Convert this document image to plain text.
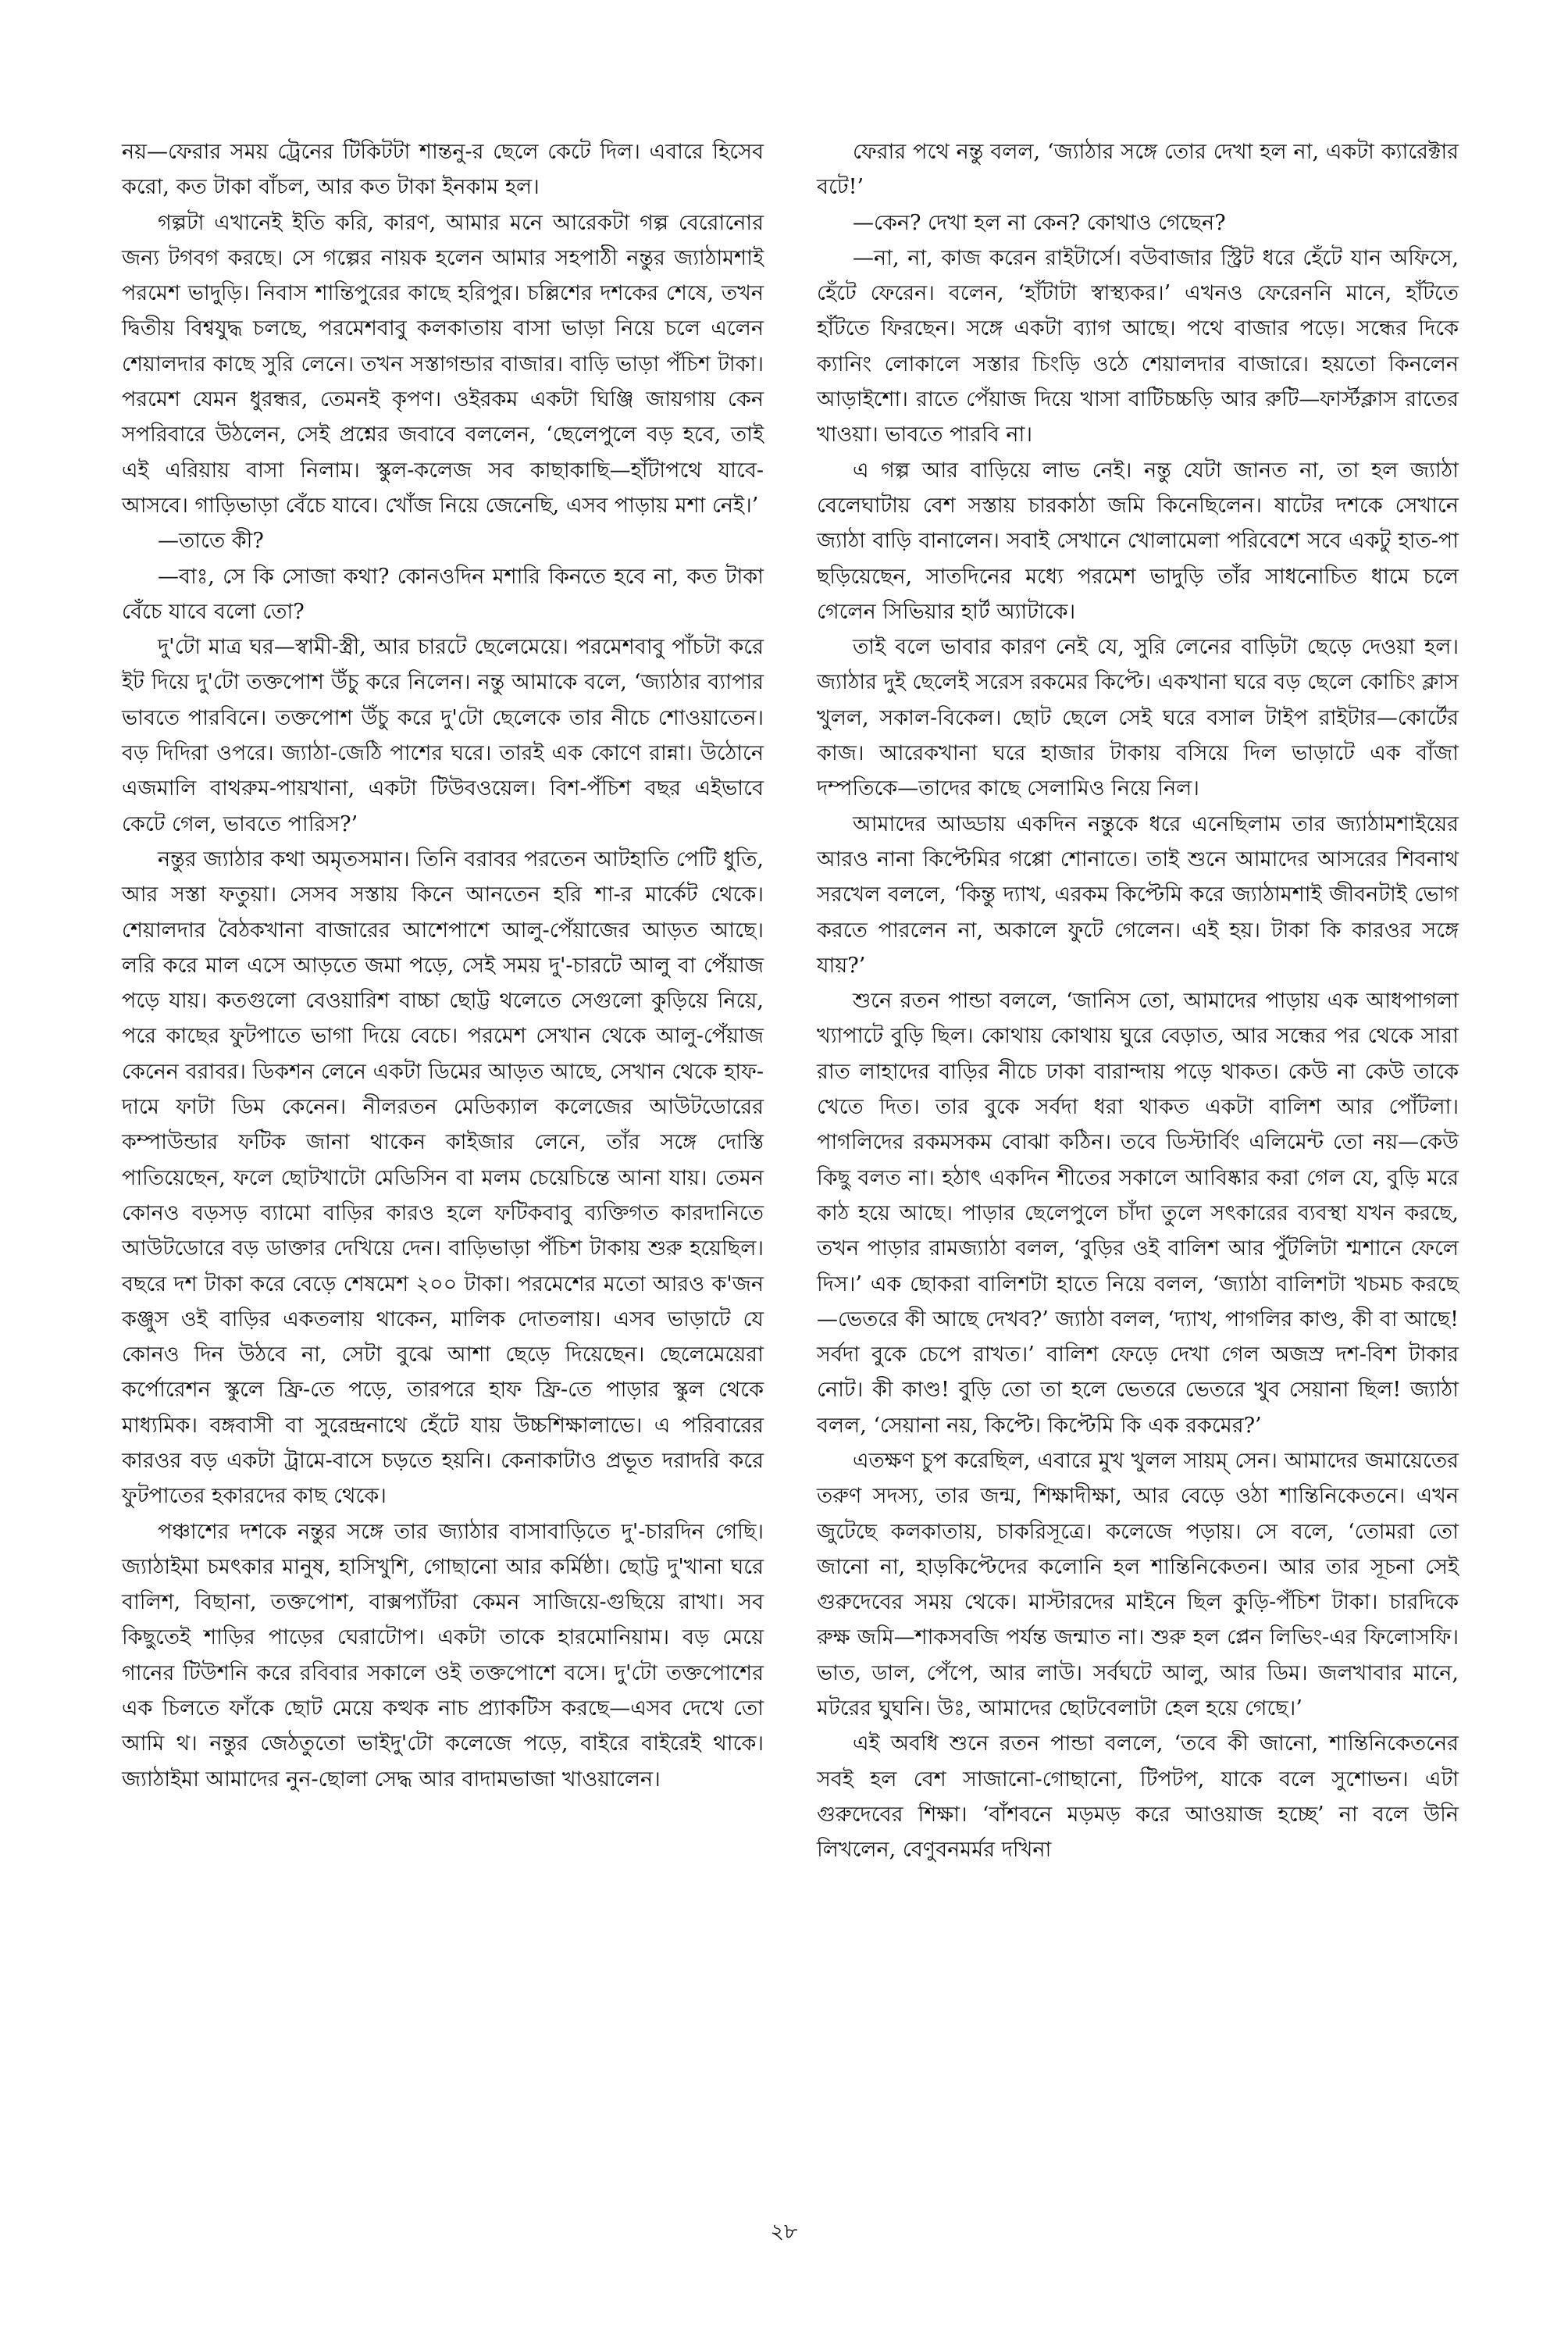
নয়—ফেরার সময় ট্রেনের টিকিটটা শান্তনু-র ছেলে কেটে দিল। এবারে হিসেব করো, কত টাকা বাঁচল, আর কত টাকা ইনকাম হল।

গল্পটা এখানেই ইতি করি, কারণ, আমার মনে আরেকটা গল্প বেরোনোর জন্য টগবগ করছে। সে গল্পের নায়ক হলেন আমার সহপাঠী নন্তুর জ্যাঠামশাই পরমেশ ভাদুড়ি। নিবাস শান্তিপুরের কাছে হরিপুর। চল্লিশের দশকের শেষে, তখন দ্বিতীয় বিশ্বযুদ্ধ চলছে, পরমেশবাবু কলকাতায় বাসা ভাড়া নিয়ে চলে এলেন শেয়ালদার কাছে সুরি লেনে। তখন সস্তাগন্ডার বাজার। বাড়ি ভাড়া পঁচিশ টাকা। পরমেশ যেমন ধুরন্ধর, তেমনই কৃপণ। ওইরকম একটা ঘিঞ্জি জায়গায় কেন সপরিবারে উঠলেন, সেই প্রশ্নের জবাবে বললেন, ‘ছেলেপুলে বড় হবে, তাই এই এরিয়ায় বাসা নিলাম। স্কুল-কলেজ সব কাছাকাছি—হাঁটাপথে যাবে- আসবে। গাড়িভাড়া বেঁচে যাবে। খোঁজ নিয়ে জেনেছি, এসব পাড়ায় মশা নেই।’

—তাতে কী?

—বাঃ, সে কি সোজা কথা? কোনওদিন মশারি কিনতে হবে না, কত টাকা বেঁচে যাবে বলো তো?

দু'টো মাত্র ঘর—স্বামী-স্ত্রী, আর চারটে ছেলেমেয়ে। পরমেশবাবু পাঁচটা করে ইট দিয়ে দু'টো তক্তপোশ উঁচু করে নিলেন। নন্তু আমাকে বলে, ‘জ্যাঠার ব্যাপার ভাবতে পারবিনে। তক্তপোশ উঁচু করে দু'টো ছেলেকে তার নীচে শোওয়াতেন। বড় দিদিরা ওপরে। জ্যাঠা-জেঠি পাশের ঘরে। তারই এক কোণে রান্না। উঠোনে এজমালি বাথরুম-পায়খানা, একটা টিউবওয়েল। বিশ-পঁচিশ বছর এইভাবে কেটে গেল, ভাবতে পারিস?’

নন্তুর জ্যাঠার কথা অমৃতসমান। তিনি বরাবর পরতেন আটহাতি পেটি ধুতি, আর সস্তা ফতুয়া। সেসব সস্তায় কিনে আনতেন হরি শা-র মার্কেট থেকে। শেয়ালদার বৈঠকখানা বাজারের আশেপাশে আলু-পেঁয়াজের আড়ত আছে। লরি করে মাল এসে আড়তে জমা পড়ে, সেই সময় দু'-চারটে আলু বা পেঁয়াজ পড়ে যায়। কতগুলো বেওয়ারিশ বাচ্চা ছোট্ট থলেতে সেগুলো কুড়িয়ে নিয়ে, পরে কাছের ফুটপাতে ভাগা দিয়ে বেচে। পরমেশ সেখান থেকে আলু-পেঁয়াজ কেনেন বরাবর। ডিকশন লেনে একটা ডিমের আড়ত আছে, সেখান থেকে হাফ-দামে ফাটা ডিম কেনেন। নীলরতন মেডিক্যাল কলেজের আউটডোরের কম্পাউন্ডার ফটিক জানা থাকেন কাইজার লেনে, তাঁর সঙ্গে দোস্তি পাতিয়েছেন, ফলে ছোটখাটো মেডিসিন বা মলম চেয়েচিন্তে আনা যায়। তেমন কোনও বড়সড় ব্যামো বাড়ির কারও হলে ফটিকবাবু ব্যক্তিগত কারদানিতে আউটডোরে বড় ডাক্তার দেখিয়ে দেন। বাড়িভাড়া পঁচিশ টাকায় শুরু হয়েছিল। বছরে দশ টাকা করে বেড়ে শেষমেশ ২০০ টাকা। পরমেশের মতো আরও ক'জন কঞ্জুস ওই বাড়ির একতলায় থাকেন, মালিক দোতলায়। এসব ভাড়াটে যে কোনও দিন উঠবে না, সেটা বুঝে আশা ছেড়ে দিয়েছেন। ছেলেমেয়েরা কর্পোরেশন স্কুলে ফ্রি-তে পড়ে, তারপরে হাফ ফ্রি-তে পাড়ার স্কুল থেকে মাধ্যমিক। বঙ্গবাসী বা সুরেন্দ্রনাথে হেঁটে যায় উচ্চশিক্ষালাভে। এ পরিবারের কারওর বড় একটা ট্রামে-বাসে চড়তে হয়নি। কেনাকাটাও প্রভূত দরাদরি করে ফুটপাতের হকারদের কাছ থেকে।

পঞ্চাশের দশকে নন্তুর সঙ্গে তার জ্যাঠার বাসাবাড়িতে দু'-চারদিন গেছি। জ্যাঠাইমা চমৎকার মানুষ, হাসিখুশি, গোছানো আর কর্মিষ্ঠা। ছোট্ট দু'খানা ঘরে বালিশ, বিছানা, তক্তপোশ, বাক্সপ্যাঁটরা কেমন সাজিয়ে-গুছিয়ে রাখা। সব কিছুতেই শাড়ির পাড়ের ঘেরাটোপ। একটা তাকে হারমোনিয়াম। বড় মেয়ে গানের টিউশনি করে রবিবার সকালে ওই তক্তপোশে বসে। দু'টো তক্তপোশের এক চিলতে ফাঁকে ছোট মেয়ে কত্থক নাচ প্র্যাকটিস করছে—এসব দেখে তো আমি থ। নন্তুর জেঠতুতো ভাইদু'টো কলেজে পড়ে, বাইরে বাইরেই থাকে। জ্যাঠাইমা আমাদের নুন-ছোলা সেদ্ধ আর বাদামভাজা খাওয়ালেন।

ফেরার পথে নন্তু বলল, ‘জ্যাঠার সঙ্গে তোর দেখা হল না, একটা ক্যারেক্টার বটে!’

—কেন? দেখা হল না কেন? কোথাও গেছেন?

—না, না, কাজ করেন রাইটার্সে। বউবাজার স্ট্রিট ধরে হেঁটে যান অফিসে, হেঁটে ফেরেন। বলেন, ‘হাঁটাটা স্বাস্থ্যকর।’ এখনও ফেরেননি মানে, হাঁটতে হাঁটতে ফিরছেন। সঙ্গে একটা ব্যাগ আছে। পথে বাজার পড়ে। সন্ধের দিকে ক্যানিং লোকালে সস্তার চিংড়ি ওঠে শেয়ালদার বাজারে। হয়তো কিনলেন আড়াইশো। রাতে পেঁয়াজ দিয়ে খাসা বাটিচচ্চড়ি আর রুটি—ফার্স্টক্লাস রাতের খাওয়া। ভাবতে পারবি না।

এ গল্প আর বাড়িয়ে লাভ নেই। নন্তু যেটা জানত না, তা হল জ্যাঠা বেলেঘাটায় বেশ সস্তায় চারকাঠা জমি কিনেছিলেন। ষাটের দশকে সেখানে জ্যাঠা বাড়ি বানালেন। সবাই সেখানে খোলামেলা পরিবেশে সবে একটু হাত-পা ছড়িয়েছেন, সাতদিনের মধ্যে পরমেশ ভাদুড়ি তাঁর সাধনোচিত ধামে চলে গেলেন সিভিয়ার হার্ট অ্যাটাকে।

তাই বলে ভাবার কারণ নেই যে, সুরি লেনের বাড়িটা ছেড়ে দেওয়া হল। জ্যাঠার দুই ছেলেই সরেস রকমের কিপ্টে। একখানা ঘরে বড় ছেলে কোচিং ক্লাস খুলল, সকাল-বিকেল। ছোট ছেলে সেই ঘরে বসাল টাইপ রাইটার—কোর্টের কাজ। আরেকখানা ঘরে হাজার টাকায় বসিয়ে দিল ভাড়াটে এক বাঁজা দম্পতিকে—তাদের কাছে সেলামিও নিয়ে নিল।

আমাদের আড্ডায় একদিন নন্তুকে ধরে এনেছিলাম তার জ্যাঠামশাইয়ের আরও নানা কিপ্টেমির গপ্পো শোনাতে। তাই শুনে আমাদের আসরের শিবনাথ সরখেল বললে, ‘কিন্তু দ্যাখ, এরকম কিপ্টেমি করে জ্যাঠামশাই জীবনটাই ভোগ করতে পারলেন না, অকালে ফুটে গেলেন। এই হয়। টাকা কি কারওর সঙ্গে যায়?’

শুনে রতন পান্ডা বললে, ‘জানিস তো, আমাদের পাড়ায় এক আধপাগলা খ্যাপাটে বুড়ি ছিল। কোথায় কোথায় ঘুরে বেড়াত, আর সন্ধের পর থেকে সারা রাত লাহাদের বাড়ির নীচে ঢাকা বারান্দায় পড়ে থাকত। কেউ না কেউ তাকে খেতে দিত। তার বুকে সর্বদা ধরা থাকত একটা বালিশ আর পোঁটলা। পাগলিদের রকমসকম বোঝা কঠিন। তবে ডিস্টার্বিং এলিমেন্ট তো নয়—কেউ কিছু বলত না। হঠাৎ একদিন শীতের সকালে আবিষ্কার করা গেল যে, বুড়ি মরে কাঠ হয়ে আছে। পাড়ার ছেলেপুলে চাঁদা তুলে সৎকারের ব্যবস্থা যখন করছে, তখন পাড়ার রামজ্যাঠা বলল, ‘বুড়ির ওই বালিশ আর পুঁটলিটা শ্মশানে ফেলে দিস।’ এক ছোকরা বালিশটা হাতে নিয়ে বলল, ‘জ্যাঠা বালিশটা খচমচ করছে—ভেতরে কী আছে দেখব?’ জ্যাঠা বলল, ‘দ্যাখ, পাগলির কাণ্ড, কী বা আছে! সর্বদা বুকে চেপে রাখত।’ বালিশ ফেড়ে দেখা গেল অজস্র দশ-বিশ টাকার নোট। কী কাণ্ড! বুড়ি তো তা হলে ভেতরে ভেতরে খুব সেয়ানা ছিল! জ্যাঠা বলল, ‘সেয়ানা নয়, কিপ্টে। কিপ্টেমি কি এক রকমের?’

এতক্ষণ চুপ করেছিল, এবারে মুখ খুলল সায়ম্ সেন। আমাদের জমায়েতের তরুণ সদস্য, তার জন্ম, শিক্ষাদীক্ষা, আর বেড়ে ওঠা শান্তিনিকেতনে। এখন জুটেছে কলকাতায়, চাকরিসূত্রে। কলেজে পড়ায়। সে বলে, ‘তোমরা তো জানো না, হাড়কিপ্টেদের কলোনি হল শান্তিনিকেতন। আর তার সূচনা সেই গুরুদেবের সময় থেকে। মাস্টারদের মাইনে ছিল কুড়ি-পঁচিশ টাকা। চারদিকে রুক্ষ জমি—শাকসবজি পর্যন্ত জন্মাত না। শুরু হল প্লেন লিভিং-এর ফিলোসফি। ভাত, ডাল, পেঁপে, আর লাউ। সর্বঘটে আলু, আর ডিম। জলখাবার মানে, মটরের ঘুঘনি। উঃ, আমাদের ছোটবেলাটা হেল হয়ে গেছে।’

এই অবধি শুনে রতন পান্ডা বললে, ‘তবে কী জানো, শান্তিনিকেতনের সবই হল বেশ সাজানো-গোছানো, টিপটপ, যাকে বলে সুশোভন। এটা গুরুদেবের শিক্ষা। ‘বাঁশবনে মড়মড় করে আওয়াজ হচ্ছে’ না বলে উনি লিখলেন, বেণুবনমর্মর দখিনা

২৮
